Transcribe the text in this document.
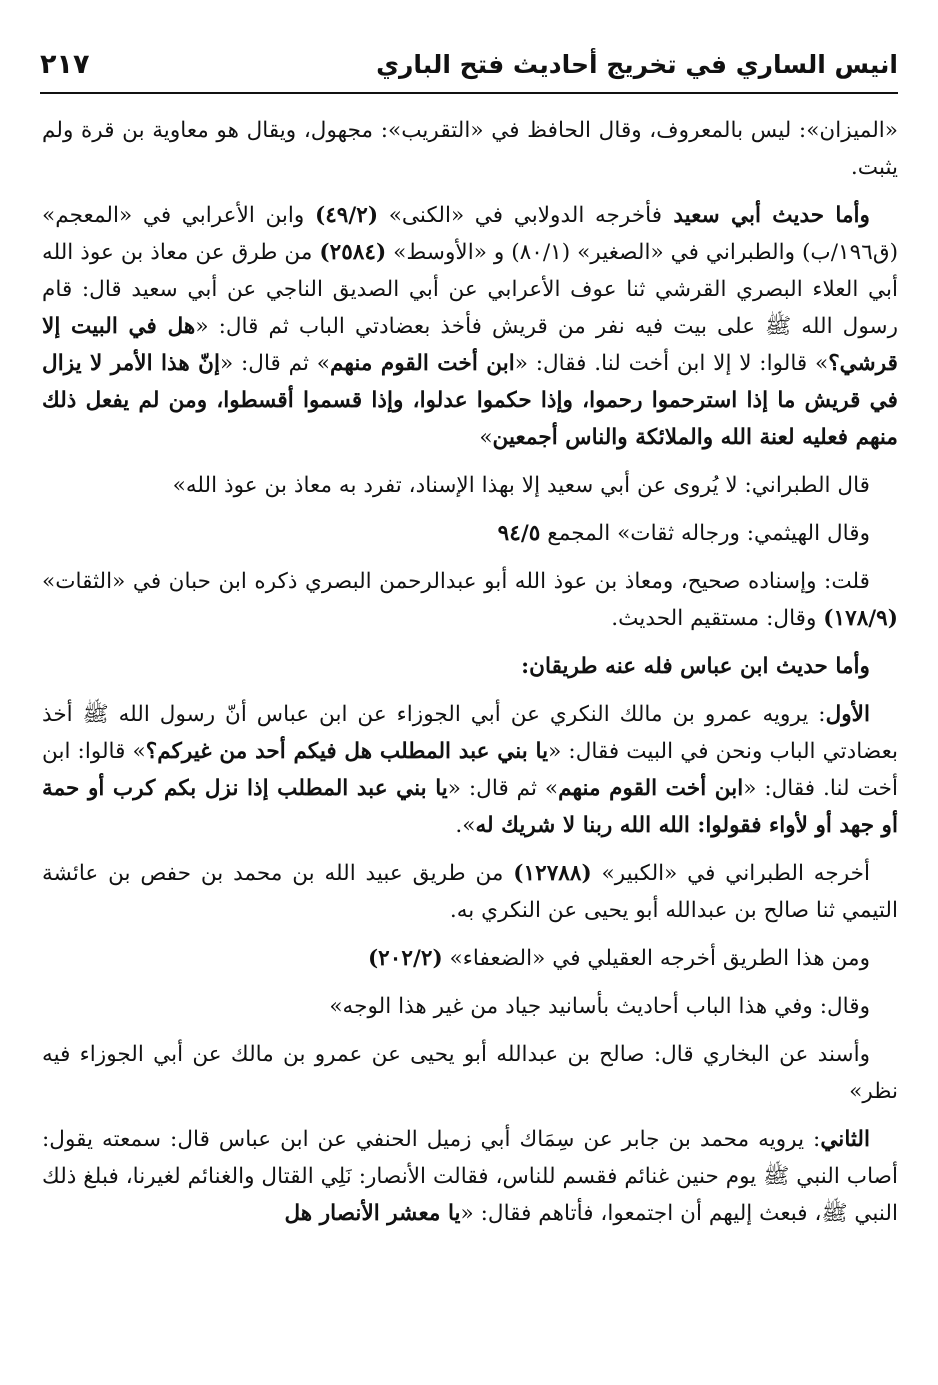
انيس الساري في تخريج أحاديث فتح الباري
٢١٧

«الميزان»: ليس بالمعروف، وقال الحافظ في «التقريب»: مجهول، ويقال هو معاوية بن قرة ولم يثبت.

وأما حديث أبي سعيد فأخرجه الدولابي في «الكنى» (٤٩/٢) وابن الأعرابي في «المعجم» (ق١٩٦/ب) والطبراني في «الصغير» (٨٠/١) و «الأوسط» (٢٥٨٤) من طرق عن معاذ بن عوذ الله أبي العلاء البصري القرشي ثنا عوف الأعرابي عن أبي الصديق الناجي عن أبي سعيد قال: قام رسول الله ﷺ على بيت فيه نفر من قريش فأخذ بعضادتي الباب ثم قال: «هل في البيت إلا قرشي؟» قالوا: لا إلا ابن أخت لنا. فقال: «ابن أخت القوم منهم» ثم قال: «إنّ هذا الأمر لا يزال في قريش ما إذا استرحموا رحموا، وإذا حكموا عدلوا، وإذا قسموا أقسطوا، ومن لم يفعل ذلك منهم فعليه لعنة الله والملائكة والناس أجمعين»

قال الطبراني: لا يُروى عن أبي سعيد إلا بهذا الإسناد، تفرد به معاذ بن عوذ الله»

وقال الهيثمي: ورجاله ثقات» المجمع ٩٤/٥

قلت: وإسناده صحيح، ومعاذ بن عوذ الله أبو عبدالرحمن البصري ذكره ابن حبان في «الثقات» (١٧٨/٩) وقال: مستقيم الحديث.

وأما حديث ابن عباس فله عنه طريقان:

الأول: يرويه عمرو بن مالك النكري عن أبي الجوزاء عن ابن عباس أنّ رسول الله ﷺ أخذ بعضادتي الباب ونحن في البيت فقال: «يا بني عبد المطلب هل فيكم أحد من غيركم؟» قالوا: ابن أخت لنا. فقال: «ابن أخت القوم منهم» ثم قال: «يا بني عبد المطلب إذا نزل بكم كرب أو حمة أو جهد أو لأواء فقولوا: الله الله ربنا لا شريك له».

أخرجه الطبراني في «الكبير» (١٢٧٨٨) من طريق عبيد الله بن محمد بن حفص بن عائشة التيمي ثنا صالح بن عبدالله أبو يحيى عن النكري به.

ومن هذا الطريق أخرجه العقيلي في «الضعفاء» (٢٠٢/٢)

وقال: وفي هذا الباب أحاديث بأسانيد جياد من غير هذا الوجه»

وأسند عن البخاري قال: صالح بن عبدالله أبو يحيى عن عمرو بن مالك عن أبي الجوزاء فيه نظر»

الثاني: يرويه محمد بن جابر عن سِمَاك أبي زميل الحنفي عن ابن عباس قال: سمعته يقول: أصاب النبي ﷺ يوم حنين غنائم فقسم للناس، فقالت الأنصار: نَلِي القتال والغنائم لغيرنا، فبلغ ذلك النبي ﷺ، فبعث إليهم أن اجتمعوا، فأتاهم فقال: «يا معشر الأنصار هل
